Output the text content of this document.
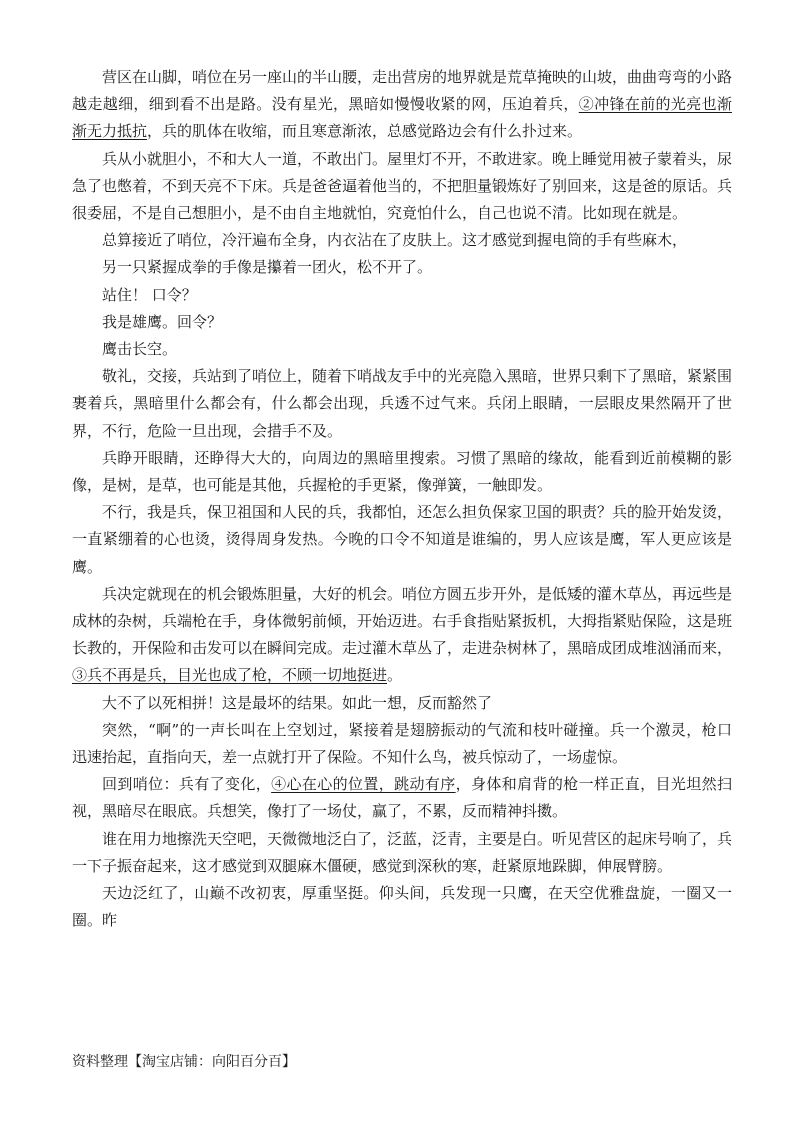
营区在山脚，哨位在另一座山的半山腰，走出营房的地界就是荒草掩映的山坡，曲曲弯弯的小路越走越细，细到看不出是路。没有星光，黑暗如慢慢收紧的网，压迫着兵，②冲锋在前的光亮也渐渐无力抵抗，兵的肌体在收缩，而且寒意渐浓，总感觉路边会有什么扑过来。

兵从小就胆小，不和大人一道，不敢出门。屋里灯不开，不敢进家。晚上睡觉用被子蒙着头，尿急了也憋着，不到天亮不下床。兵是爸爸逼着他当的，不把胆量锻炼好了别回来，这是爸的原话。兵很委屈，不是自己想胆小，是不由自主地就怕，究竟怕什么，自己也说不清。比如现在就是。

总算接近了哨位，冷汗遍布全身，内衣沾在了皮肤上。这才感觉到握电筒的手有些麻木，

另一只紧握成拳的手像是攥着一团火，松不开了。

站住！ 口令？

我是雄鹰。回令？

鹰击长空。

敬礼，交接，兵站到了哨位上，随着下哨战友手中的光亮隐入黑暗，世界只剩下了黑暗，紧紧围裹着兵，黑暗里什么都会有，什么都会出现，兵透不过气来。兵闭上眼睛，一层眼皮果然隔开了世界，不行，危险一旦出现，会措手不及。

兵睁开眼睛，还睁得大大的，向周边的黑暗里搜索。习惯了黑暗的缘故，能看到近前模糊的影像，是树，是草，也可能是其他，兵握枪的手更紧，像弹簧，一触即发。

不行，我是兵，保卫祖国和人民的兵，我都怕，还怎么担负保家卫国的职责？兵的脸开始发烫，一直紧绷着的心也烫，烫得周身发热。今晚的口令不知道是谁编的，男人应该是鹰，军人更应该是鹰。

兵决定就现在的机会锻炼胆量，大好的机会。哨位方圆五步开外，是低矮的灌木草丛，再远些是成林的杂树，兵端枪在手，身体微躬前倾，开始迈进。右手食指贴紧扳机，大拇指紧贴保险，这是班长教的，开保险和击发可以在瞬间完成。走过灌木草丛了，走进杂树林了，黑暗成团成堆汹涌而来，③兵不再是兵，目光也成了枪，不顾一切地挺进。

大不了以死相拼！这是最坏的结果。如此一想，反而豁然了

突然，“啊”的一声长叫在上空划过，紧接着是翅膀振动的气流和枝叶碰撞。兵一个激灵，枪口迅速抬起，直指向天，差一点就打开了保险。不知什么鸟，被兵惊动了，一场虚惊。

回到哨位：兵有了变化，④心在心的位置，跳动有序，身体和肩背的枪一样正直，目光坦然扫视，黑暗尽在眼底。兵想笑，像打了一场仗，赢了，不累，反而精神抖擞。

谁在用力地擦洗天空吧，天微微地泛白了，泛蓝，泛青，主要是白。听见营区的起床号响了，兵一下子振奋起来，这才感觉到双腿麻木僵硬，感觉到深秋的寒，赶紧原地跺脚，伸展臂膀。

天边泛红了，山巅不改初衷，厚重坚挺。仰头间，兵发现一只鹰，在天空优雅盘旋，一圈又一圈。昨

资料整理【淘宝店铺：向阳百分百】
